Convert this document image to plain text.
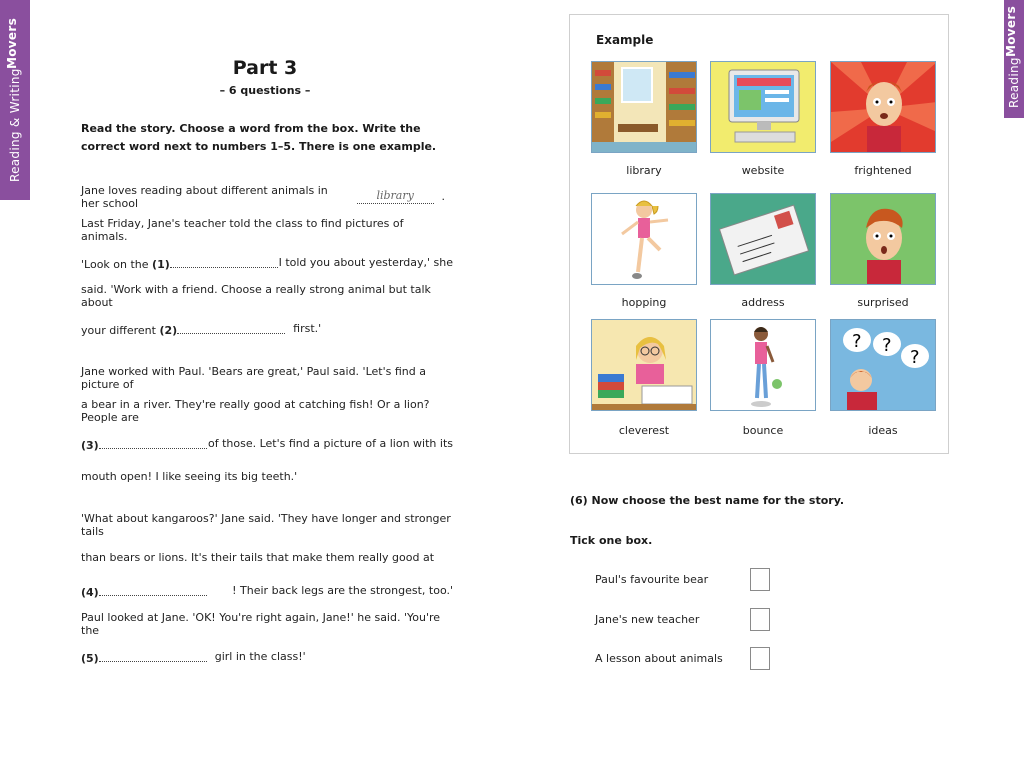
Reading & Writing
Movers
Reading
Movers
Part 3
– 6 questions –
Read the story. Choose a word from the box. Write the correct word next to numbers 1–5. There is one example.
Jane loves reading about different animals in her school
library	.
Last Friday, Jane's teacher told the class to find pictures of animals.
'Look on the (1)	I told you about yesterday,' she
said. 'Work with a friend. Choose a really strong animal but talk about
your different (2)	first.'
Jane worked with Paul. 'Bears are great,' Paul said. 'Let's find a picture of
a bear in a river. They're really good at catching fish! Or a lion? People are
(3)	of those. Let's find a picture of a lion with its
mouth open! I like seeing its big teeth.'
'What about kangaroos?' Jane said. 'They have longer and stronger tails
than bears or lions. It's their tails that make them really good at
(4)	! Their back legs are the strongest, too.'
Paul looked at Jane. 'OK! You're right again, Jane!' he said. 'You're the
(5)	girl in the class!'
Example
library	website	frightened
hopping	address	surprised
cleverest	bounce
? ?
?
ideas
(6) Now choose the best name for the story.
Tick one box.
Paul's favourite bear
Jane's new teacher
A lesson about animals
